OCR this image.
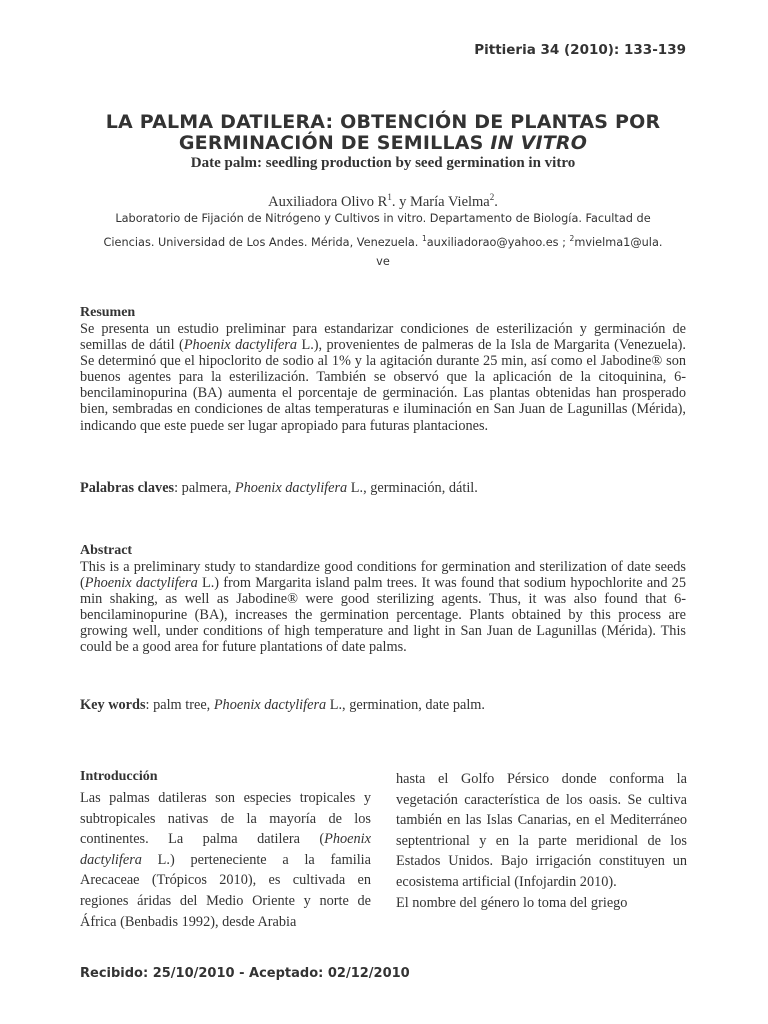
Pittieria 34 (2010): 133-139
LA PALMA DATILERA: OBTENCIÓN DE PLANTAS POR
GERMINACIÓN DE SEMILLAS IN VITRO
Date palm: seedling production by seed germination in vitro
Auxiliadora Olivo $R^1$. y María Vielma$^2$.
Laboratorio de Fijación de Nitrógeno y Cultivos in vitro. Departamento de Biología. Facultad de
Ciencias. Universidad de Los Andes. Mérida, Venezuela. $^1$auxiliadorao@yahoo.es ; $^2$mvielma1@ula.
ve
Resumen

Se presenta un estudio preliminar para estandarizar condiciones de esterilización y germinación de semillas de dátil (Phoenix dactylifera L.), provenientes de palmeras de la Isla de Margarita (Venezuela). Se determinó que el hipoclorito de sodio al 1% y la agitación durante 25 min, así como el Jabodine® son buenos agentes para la esterilización. También se observó que la aplicación de la citoquinina, 6- bencilaminopurina (BA) aumenta el porcentaje de germinación. Las plantas obtenidas han prosperado bien, sembradas en condiciones de altas temperaturas e iluminación en San Juan de Lagunillas (Mérida), indicando que este puede ser lugar apropiado para futuras plantaciones.

Palabras claves: palmera, Phoenix dactylifera L., germinación, dátil.
Abstract

This is a preliminary study to standardize good conditions for germination and sterilization of date seeds (Phoenix dactylifera L.) from Margarita island palm trees. It was found that sodium hypochlorite and 25 min shaking, as well as Jabodine® were good sterilizing agents. Thus, it was also found that 6-bencilaminopurine (BA), increases the germination percentage. Plants obtained by this process are growing well, under conditions of high temperature and light in San Juan de Lagunillas (Mérida). This could be a good area for future plantations of date palms.

Key words: palm tree, Phoenix dactylifera L., germination, date palm.
Introducción

Las palmas datileras son especies tropicales y subtropicales nativas de la mayoría de los continentes. La palma datilera (Phoenix dactylifera L.) perteneciente a la familia Arecaceae (Trópicos 2010), es cultivada en regiones áridas del Medio Oriente y norte de África (Benbadis 1992), desde Arabia

hasta el Golfo Pérsico donde conforma la vegetación característica de los oasis. Se cultiva también en las Islas Canarias, en el Mediterráneo septentrional y en la parte meridional de los Estados Unidos. Bajo irrigación constituyen un ecosistema artificial (Infojardin 2010).

El nombre del género lo toma del griego

Recibido: 25/10/2010 - Aceptado: 02/12/2010
